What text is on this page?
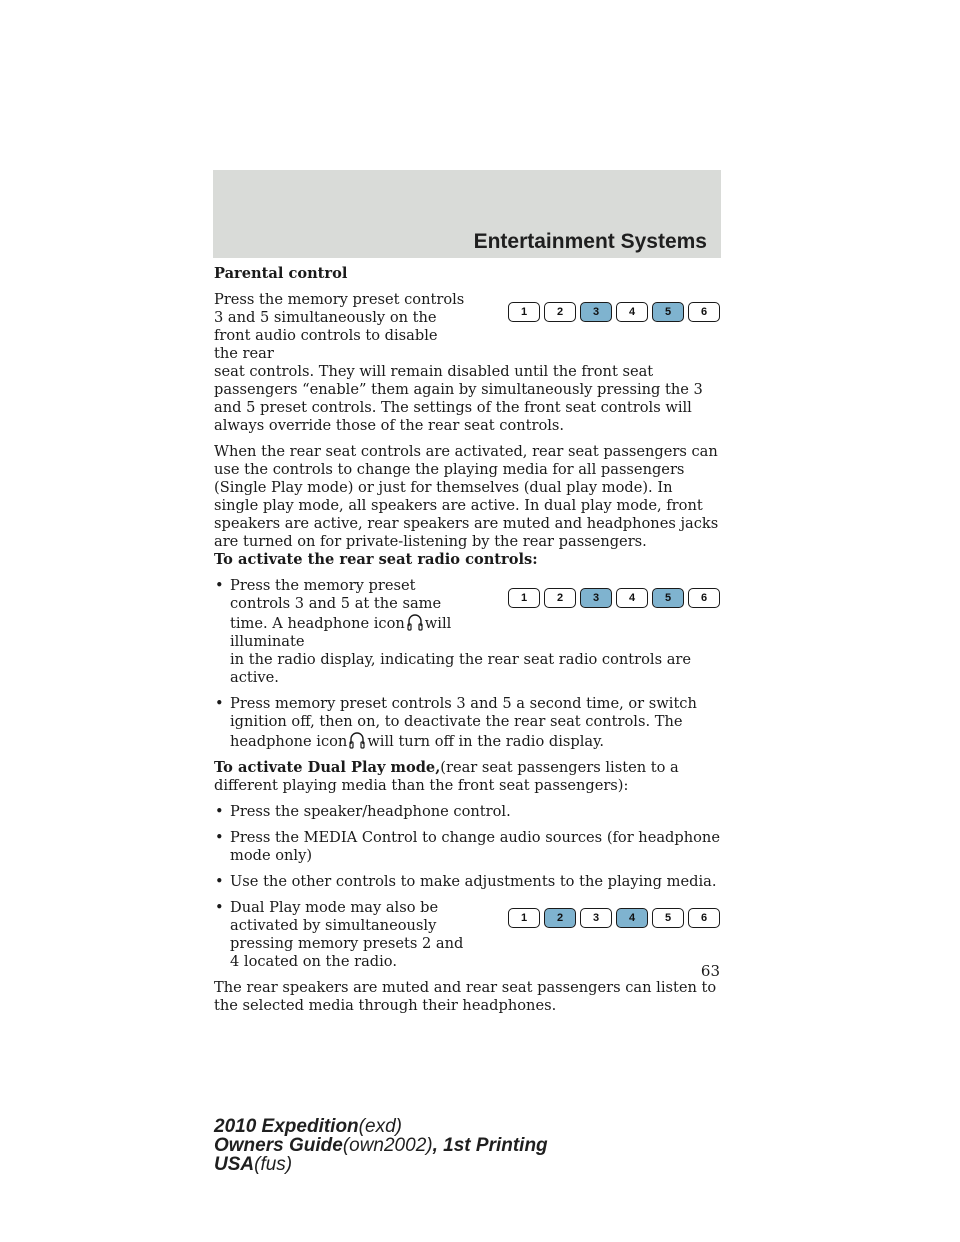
Entertainment Systems

Parental control

1	2	3	4	5	6
Press the memory preset controls 3 and 5 simultaneously on the front audio controls to disable the rear

seat controls. They will remain disabled until the front seat passengers “enable” them again by simultaneously pressing the 3 and 5 preset controls. The settings of the front seat controls will always override those of the rear seat controls.

When the rear seat controls are activated, rear seat passengers can use the controls to change the playing media for all passengers (Single Play mode) or just for themselves (dual play mode). In single play mode, all speakers are active. In dual play mode, front speakers are active, rear speakers are muted and headphones jacks are turned on for private-listening by the rear passengers.

To activate the rear seat radio controls:

1	2	3	4	5	6
• Press the memory preset controls 3 and 5 at the same time. A headphone icon will illuminate
in the radio display, indicating the rear seat radio controls are active.
• Press memory preset controls 3 and 5 a second time, or switch ignition off, then on, to deactivate the rear seat controls. The headphone icon will turn off in the radio display.

To activate Dual Play mode,(rear seat passengers listen to a different playing media than the front seat passengers):

• Press the speaker/headphone control.
• Press the MEDIA Control to change audio sources (for headphone mode only)
• Use the other controls to make adjustments to the playing media.
1	2	3	4	5	6
• Dual Play mode may also be activated by simultaneously pressing memory presets 2 and 4 located on the radio.

The rear speakers are muted and rear seat passengers can listen to the selected media through their headphones.

63
2010 Expedition(exd)
Owners Guide(own2002), 1st Printing
USA(fus)
